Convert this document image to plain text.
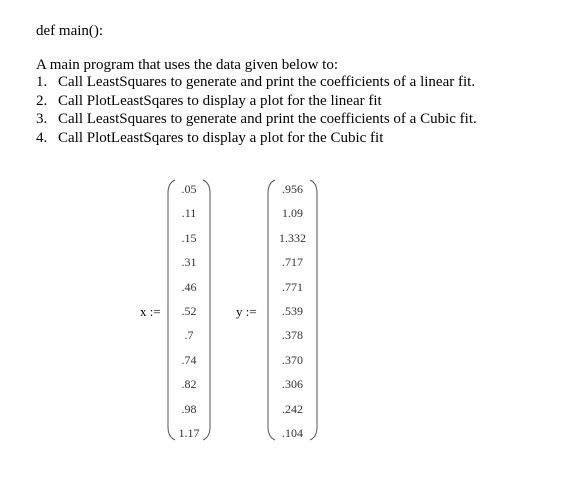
def main():
A main program that uses the data given below to:
1. Call LeastSquares to generate and print the coefficients of a linear fit.
2. Call PlotLeastSqares to display a plot for the linear fit
3. Call LeastSquares to generate and print the coefficients of a Cubic fit.
4. Call PlotLeastSqares to display a plot for the Cubic fit
x :=
.05
.11
.15
.31
.46
.52
.7
.74
.82
.98
1.17
y :=
.956
1.09
1.332
.717
.771
.539
.378
.370
.306
.242
.104
